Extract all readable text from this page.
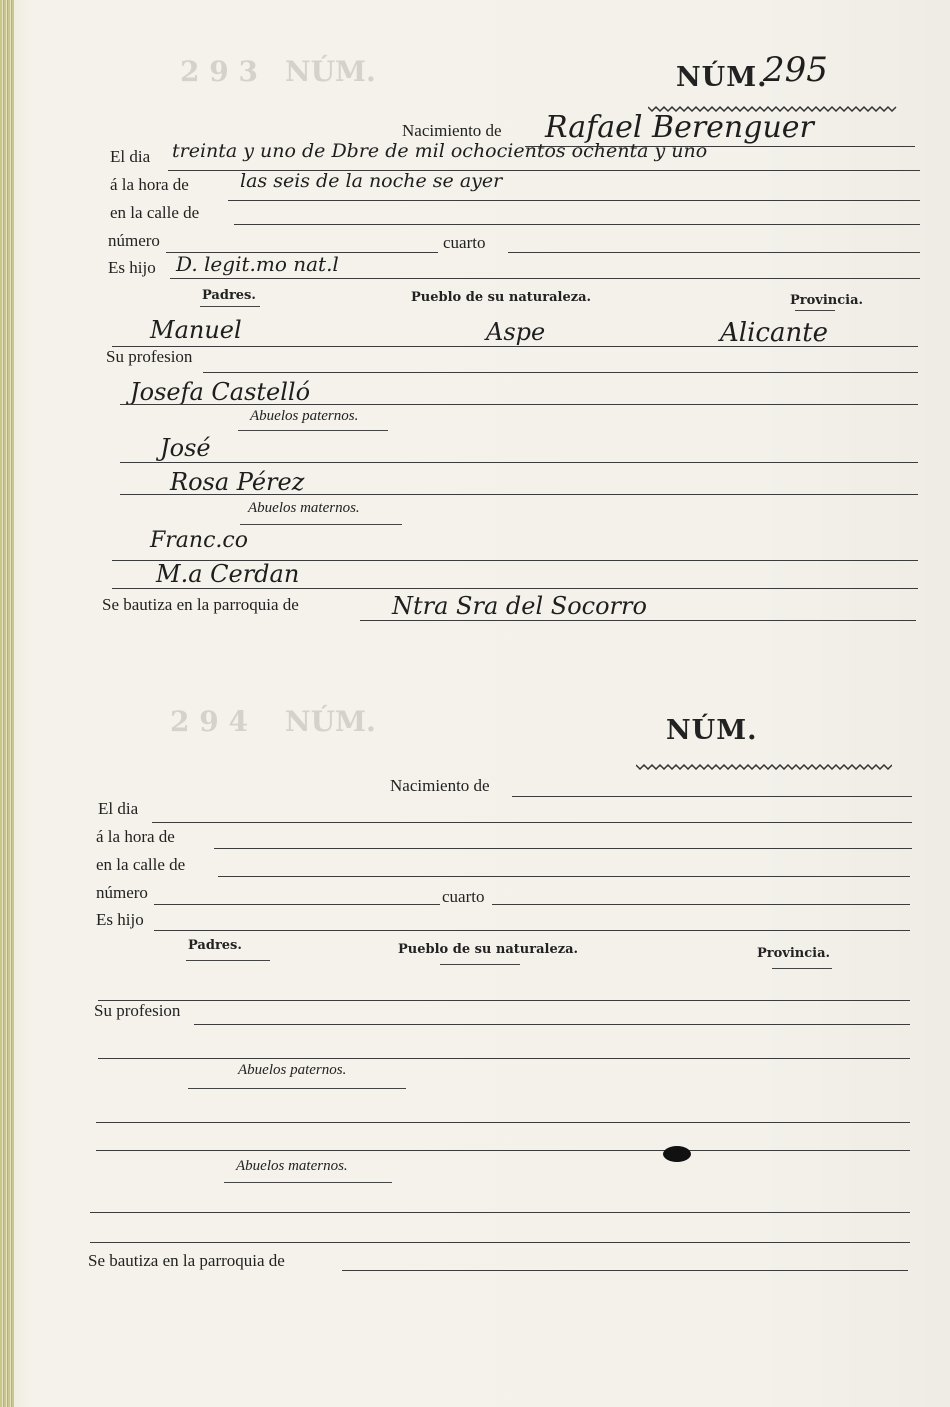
2 9 3 NÚM.
2 9 4 NÚM.
NÚM.
295
Nacimiento de Rafael Berenguer
El dia treinta y uno de Dbre de mil ochocientos ochenta y uno
á la hora de	las seis de la noche se ayer
en la calle de
número	cuarto
Es hijo D. legit.mo nat.l
Padres.	Pueblo de su naturaleza.	Provincia.
Manuel	Aspe	Alicante
Su profesion
Josefa Castelló
Abuelos paternos.
José
Rosa Pérez
Abuelos maternos.
Franc.co
M.a Cerdan
Se bautiza en la parroquia de	Ntra Sra del Socorro
NÚM.
Nacimiento de
El dia
á la hora de
en la calle de
número	cuarto
Es hijo
Padres.	Pueblo de su naturaleza.	Provincia.
Su profesion
Abuelos paternos.
Abuelos maternos.
Se bautiza en la parroquia de
